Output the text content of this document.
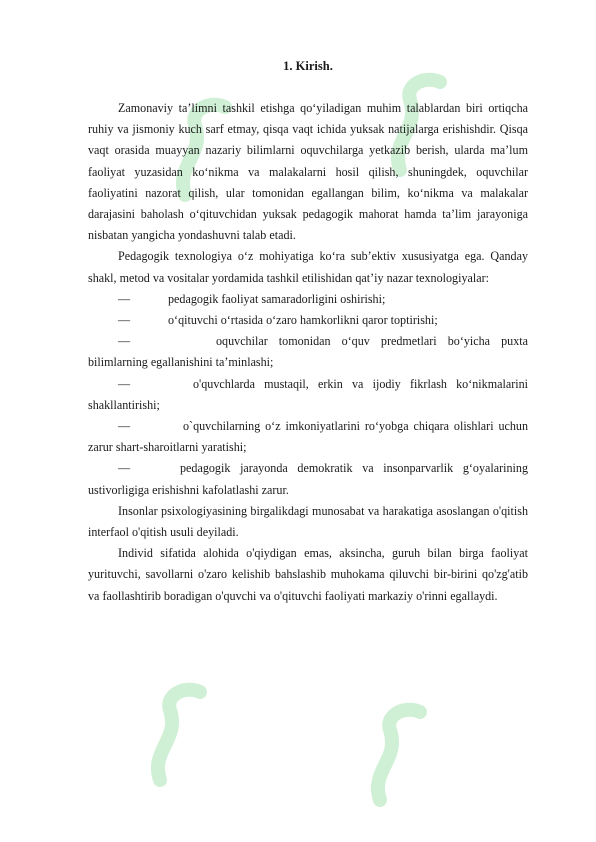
1. Kirish.

Zamonaviy ta’limni tashkil etishga qo‘yiladigan muhim talablardan biri ortiqcha ruhiy va jismoniy kuch sarf etmay, qisqa vaqt ichida yuksak natijalarga erishishdir. Qisqa vaqt orasida muayyan nazariy bilimlarni oquvchilarga yetkazib berish, ularda ma’lum faoliyat yuzasidan ko‘nikma va malakalarni hosil qilish, shuningdek, oquvchilar faoliyatini nazorat qilish, ular tomonidan egallangan bilim, ko‘nikma va malakalar darajasini baholash o‘qituvchidan yuksak pedagogik mahorat hamda ta’lim jarayoniga nisbatan yangicha yondashuvni talab etadi.

Pedagogik texnologiya o‘z mohiyatiga ko‘ra sub’ektiv xususiyatga ega. Qanday shakl, metod va vositalar yordamida tashkil etilishidan qat’iy nazar texnologiyalar:

—	pedagogik faoliyat samaradorligini oshirishi;

—	o‘qituvchi o‘rtasida o‘zaro hamkorlikni qaror toptirishi;

—	oquvchilar tomonidan o‘quv predmetlari bo‘yicha puxta bilimlarning egallanishini ta’minlashi;

—	o'quvchlarda mustaqil, erkin va ijodiy fikrlash ko‘nikmalarini shakllantirishi;

—	o`quvchilarning o‘z imkoniyatlarini ro‘yobga chiqara olishlari uchun zarur shart-sharoitlarni yaratishi;

—	pedagogik jarayonda demokratik va insonparvarlik g‘oyalarining ustivorligiga erishishni kafolatlashi zarur.

Insonlar psixologiyasining birgalikdagi munosabat va harakatiga asoslangan o'qitish interfaol o'qitish usuli deyiladi.

Individ sifatida alohida o'qiydigan emas, aksincha, guruh bilan birga faoliyat yurituvchi, savollarni o'zaro kelishib bahslashib muhokama qiluvchi bir-birini qo'zg'atib va faollashtirib boradigan o'quvchi va o'qituvchi faoliyati markaziy o'rinni egallaydi.
